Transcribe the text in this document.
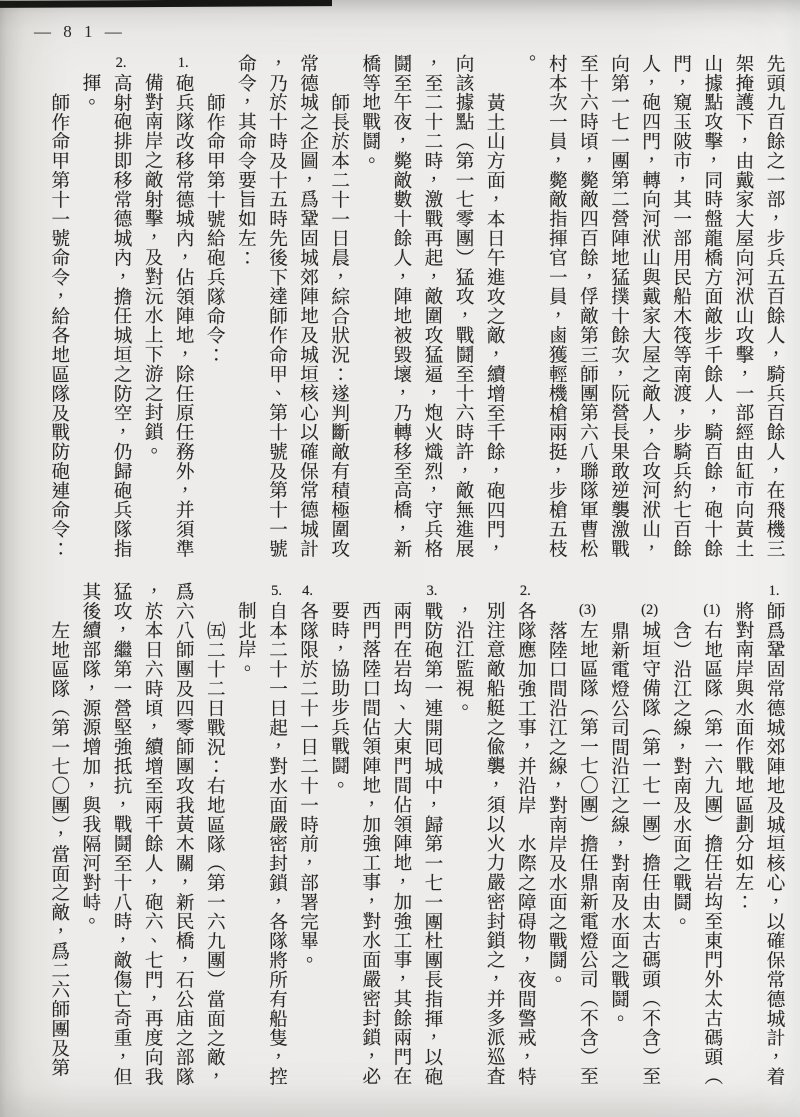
— 8 1 —
先頭九百餘之一部，步兵五百餘人，騎兵百餘人，在飛機三
架掩護下，由戴家大屋向河洑山攻擊，一部經由缸市向黃土
山據點攻擊，同時盤龍橋方面敵步千餘人，騎百餘，砲十餘
門，窺玉陂市，其一部用民船木筏等南渡，步騎兵約七百餘
人，砲四門，轉向河洑山與戴家大屋之敵人，合攻河洑山，
向第一七一團第二營陣地猛撲十餘次，阮營長果敢逆襲激戰
至十六時頃，斃敵四百餘，俘敵第三師團第六八聯隊軍曹松
村本次一員，斃敵指揮官一員，鹵獲輕機槍兩挺，步槍五枝
。
黃土山方面，本日午進攻之敵，續增至千餘，砲四門，
向該據點（第一七零團）猛攻，戰鬪至十六時許，敵無進展
，至二十二時，激戰再起，敵圍攻猛逼，炮火熾烈，守兵格
鬪至午夜，斃敵數十餘人，陣地被毀壞，乃轉移至高橋，新
橋等地戰鬪。
師長於本二十一日晨，綜合狀況：遂判斷敵有積極圍攻
常德城之企圖，爲鞏固城郊陣地及城垣核心以確保常德城計
，乃於十時及十五時先後下達師作命甲、第十號及第十一號
命令，其命令要旨如左：
師作命甲第十號給砲兵隊命令：
1.砲兵隊改移常德城內，佔領陣地，除任原任務外，并須準
備對南岸之敵射擊，及對沅水上下游之封鎖。
2.高射砲排即移常德城內，擔任城垣之防空，仍歸砲兵隊指
揮。
師作命甲第十一號命令，給各地區隊及戰防砲連命令：
1.師爲鞏固常德城郊陣地及城垣核心，以確保常德城計，着
將對南岸與水面作戰地區劃分如左：
(1)右地區隊（第一六九團）擔任岩㘬至東門外太古碼頭（
含）沿江之線，對南及水面之戰鬪。
(2)城垣守備隊（第一七一團）擔任由太古碼頭（不含）至
鼎新電燈公司間沿江之線，對南及水面之戰鬪。
(3)左地區隊（第一七〇團）擔任鼎新電燈公司（不含）至
落陸口間沿江之線，對南岸及水面之戰鬪。
2.各隊應加強工事，并沿岸　水際之障碍物，夜間警戒，特
別注意敵船艇之偸襲，須以火力嚴密封鎖之，并多派巡査
，沿江監視。
3.戰防砲第一連開囘城中，歸第一七一團杜團長指揮，以砲
兩門在岩㘬、大東門間佔領陣地，加強工事，其餘兩門在
西門落陸口間佔領陣地，加強工事，對水面嚴密封鎖，必
要時，協助步兵戰鬪。
4.各隊限於二十一日二十一時前，部署完畢。
5.自本二十一日起，對水面嚴密封鎖，各隊將所有船隻，控
制北岸。
㈤二十二日戰況：右地區隊（第一六九團）當面之敵，
爲六八師團及四零師團攻我黃木關，新民橋，石公庙之部隊
，於本日六時頃，續增至兩千餘人，砲六、七門，再度向我
猛攻，繼第一營堅強抵抗，戰鬪至十八時，敵傷亡奇重，但
其後續部隊，源源增加，與我隔河對峙。
左地區隊（第一七〇團），當面之敵，爲二六師團及第
